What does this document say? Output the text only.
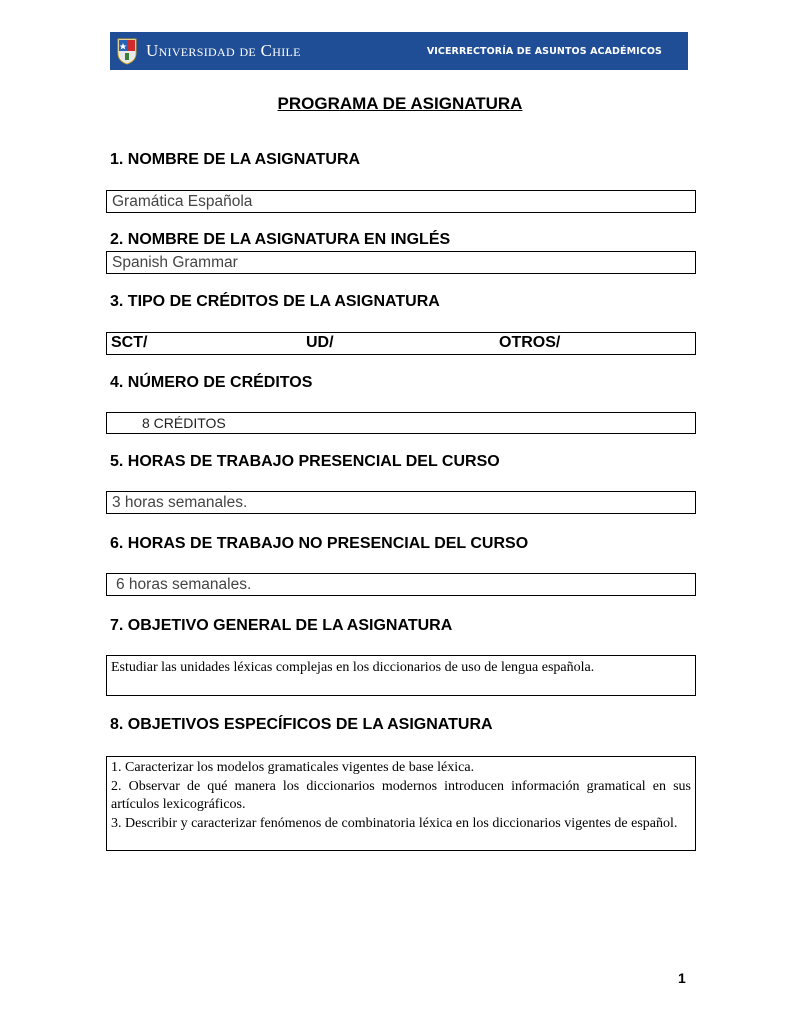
Universidad de Chile	VICERRECTORÍA DE ASUNTOS ACADÉMICOS
PROGRAMA DE ASIGNATURA
1. NOMBRE DE LA ASIGNATURA
Gramática Española
2. NOMBRE DE LA ASIGNATURA EN INGLÉS
Spanish Grammar
3. TIPO DE CRÉDITOS DE LA ASIGNATURA
SCT/	UD/	OTROS/
4. NÚMERO DE CRÉDITOS
8 CRÉDITOS
5. HORAS DE TRABAJO PRESENCIAL DEL CURSO
3 horas semanales.
6. HORAS DE TRABAJO NO PRESENCIAL DEL CURSO
6 horas semanales.
7. OBJETIVO GENERAL DE LA ASIGNATURA
Estudiar las unidades léxicas complejas en los diccionarios de uso de lengua española.
8. OBJETIVOS ESPECÍFICOS DE LA ASIGNATURA
1. Caracterizar los modelos gramaticales vigentes de base léxica.
2. Observar de qué manera los diccionarios modernos introducen información gramatical en sus artículos lexicográficos.
3. Describir y caracterizar fenómenos de combinatoria léxica en los diccionarios vigentes de español.
1
